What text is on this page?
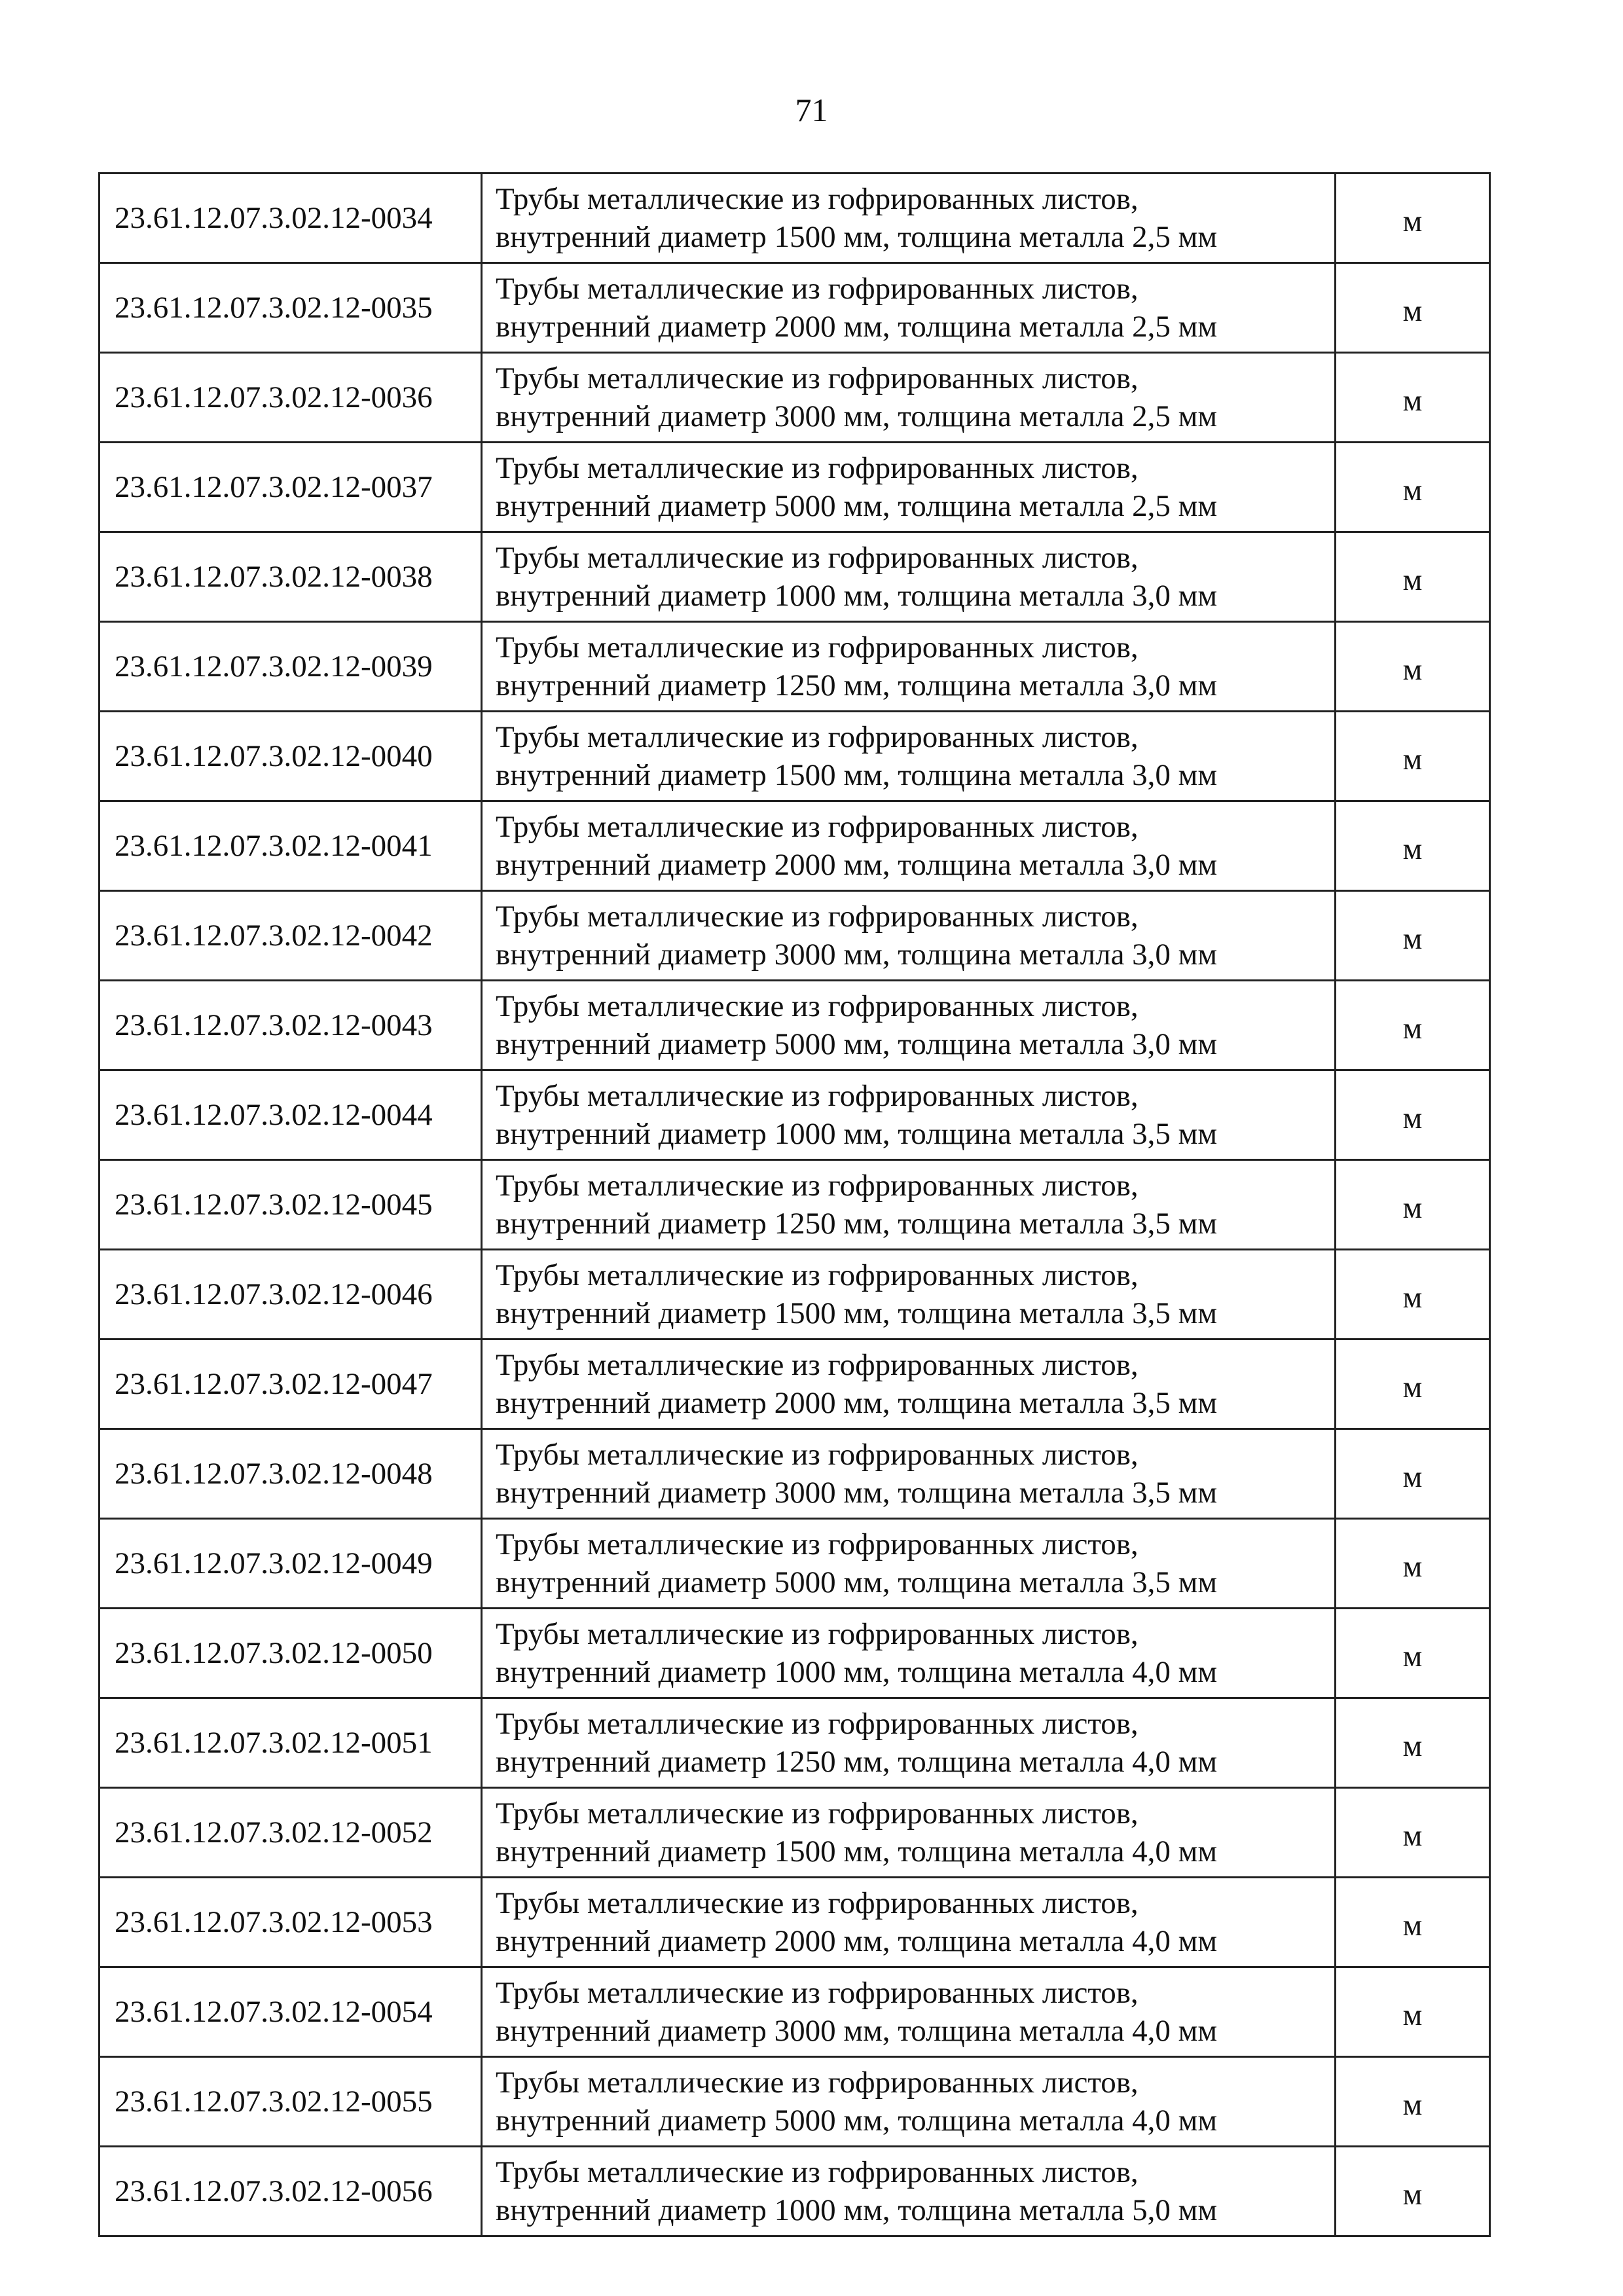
71
23.61.12.07.3.02.12-0034	Трубы металлические из гофрированных листов,
внутренний диаметр 1500 мм, толщина металла 2,5 мм	м
23.61.12.07.3.02.12-0035	Трубы металлические из гофрированных листов,
внутренний диаметр 2000 мм, толщина металла 2,5 мм	м
23.61.12.07.3.02.12-0036	Трубы металлические из гофрированных листов,
внутренний диаметр 3000 мм, толщина металла 2,5 мм	м
23.61.12.07.3.02.12-0037	Трубы металлические из гофрированных листов,
внутренний диаметр 5000 мм, толщина металла 2,5 мм	м
23.61.12.07.3.02.12-0038	Трубы металлические из гофрированных листов,
внутренний диаметр 1000 мм, толщина металла 3,0 мм	м
23.61.12.07.3.02.12-0039	Трубы металлические из гофрированных листов,
внутренний диаметр 1250 мм, толщина металла 3,0 мм	м
23.61.12.07.3.02.12-0040	Трубы металлические из гофрированных листов,
внутренний диаметр 1500 мм, толщина металла 3,0 мм	м
23.61.12.07.3.02.12-0041	Трубы металлические из гофрированных листов,
внутренний диаметр 2000 мм, толщина металла 3,0 мм	м
23.61.12.07.3.02.12-0042	Трубы металлические из гофрированных листов,
внутренний диаметр 3000 мм, толщина металла 3,0 мм	м
23.61.12.07.3.02.12-0043	Трубы металлические из гофрированных листов,
внутренний диаметр 5000 мм, толщина металла 3,0 мм	м
23.61.12.07.3.02.12-0044	Трубы металлические из гофрированных листов,
внутренний диаметр 1000 мм, толщина металла 3,5 мм	м
23.61.12.07.3.02.12-0045	Трубы металлические из гофрированных листов,
внутренний диаметр 1250 мм, толщина металла 3,5 мм	м
23.61.12.07.3.02.12-0046	Трубы металлические из гофрированных листов,
внутренний диаметр 1500 мм, толщина металла 3,5 мм	м
23.61.12.07.3.02.12-0047	Трубы металлические из гофрированных листов,
внутренний диаметр 2000 мм, толщина металла 3,5 мм	м
23.61.12.07.3.02.12-0048	Трубы металлические из гофрированных листов,
внутренний диаметр 3000 мм, толщина металла 3,5 мм	м
23.61.12.07.3.02.12-0049	Трубы металлические из гофрированных листов,
внутренний диаметр 5000 мм, толщина металла 3,5 мм	м
23.61.12.07.3.02.12-0050	Трубы металлические из гофрированных листов,
внутренний диаметр 1000 мм, толщина металла 4,0 мм	м
23.61.12.07.3.02.12-0051	Трубы металлические из гофрированных листов,
внутренний диаметр 1250 мм, толщина металла 4,0 мм	м
23.61.12.07.3.02.12-0052	Трубы металлические из гофрированных листов,
внутренний диаметр 1500 мм, толщина металла 4,0 мм	м
23.61.12.07.3.02.12-0053	Трубы металлические из гофрированных листов,
внутренний диаметр 2000 мм, толщина металла 4,0 мм	м
23.61.12.07.3.02.12-0054	Трубы металлические из гофрированных листов,
внутренний диаметр 3000 мм, толщина металла 4,0 мм	м
23.61.12.07.3.02.12-0055	Трубы металлические из гофрированных листов,
внутренний диаметр 5000 мм, толщина металла 4,0 мм	м
23.61.12.07.3.02.12-0056	Трубы металлические из гофрированных листов,
внутренний диаметр 1000 мм, толщина металла 5,0 мм	м
